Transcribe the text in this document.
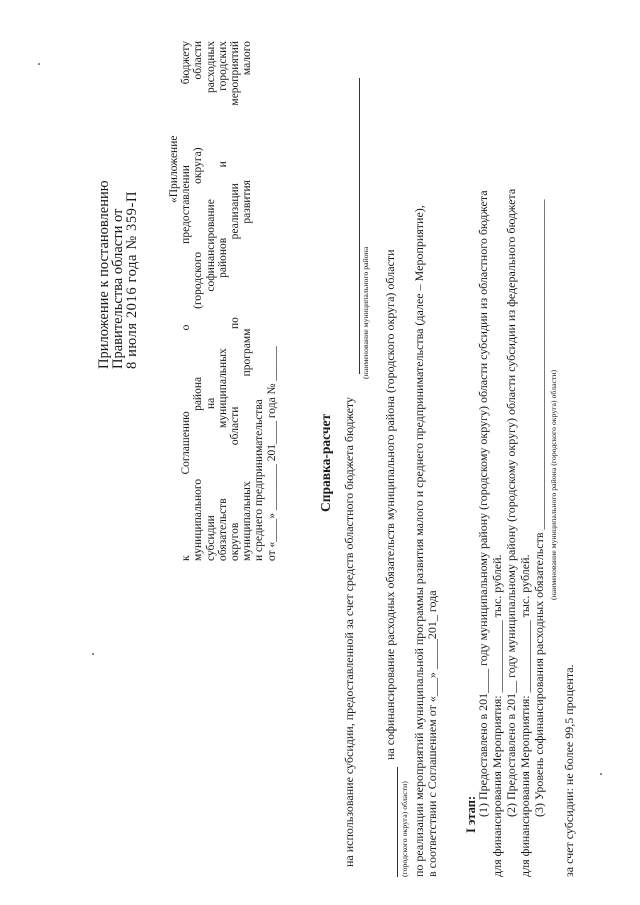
Приложение к постановлению
Правительства области от
8 июля 2016 года № 359-П
«Приложение
к
Соглашению
о
предоставлении
бюджету
муниципального
района
(городского
округа)
области
субсидии
на
софинансирование
расходных
обязательств
муниципальных
районов
и
городских
округов
области
по
реализации
мероприятий
муниципальных
программ
развития
малого
и среднего предпринимательства от «____» ________ 201____ года № ______	Справка-расчет на использование субсидии, предоставленной за счет средств областного бюджета бюджету
(наименование муниципального района
(городского округа) области)
на софинансирование расходных обязательств муниципального района (городского округа) области по реализации мероприятий муниципальной программы развития малого и среднего предпринимательства (далее – Мероприятие), в соответствии с Соглашением от «___» _____201_ года I этап:
(1) Предоставлено в 201____ году муниципальному району (городскому округу) области субсидии из областного бюджета для финансирования Мероприятия: ____________ тыс. рублей. (2) Предоставлено в 201__ году муниципальному району (городскому округу) области субсидии из федерального бюджета для финансирования Мероприятия: ____________ тыс. рублей. (3) Уровень софинансирования расходных обязательств _______________________________________________________ (наименование муниципального района (городского округа) области)
за счет субсидии: не более 99,5 процента.
